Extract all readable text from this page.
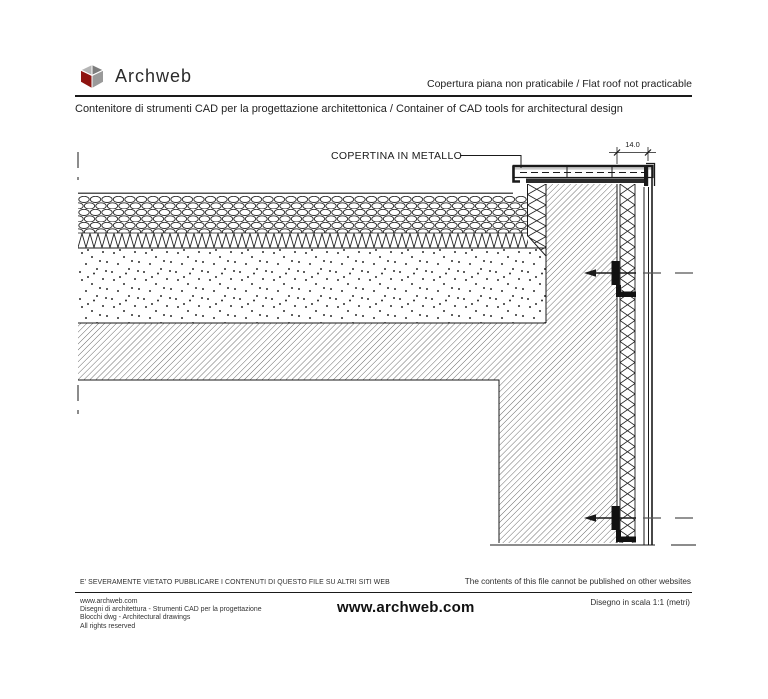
Archweb	Copertura piana non praticabile / Flat roof not practicable
Contenitore di strumenti CAD per la progettazione architettonica / Container of CAD tools for architectural design
14.0
COPERTINA IN METALLO
E' SEVERAMENTE VIETATO PUBBLICARE I CONTENUTI DI QUESTO FILE SU ALTRI SITI WEB	The contents of this file cannot be published on other websites
www.archweb.com
Disegni di architettura - Strumenti CAD per la progettazione
Blocchi dwg - Architectural drawings
All rights reserved
www.archweb.com	Disegno in scala 1:1 (metri)
